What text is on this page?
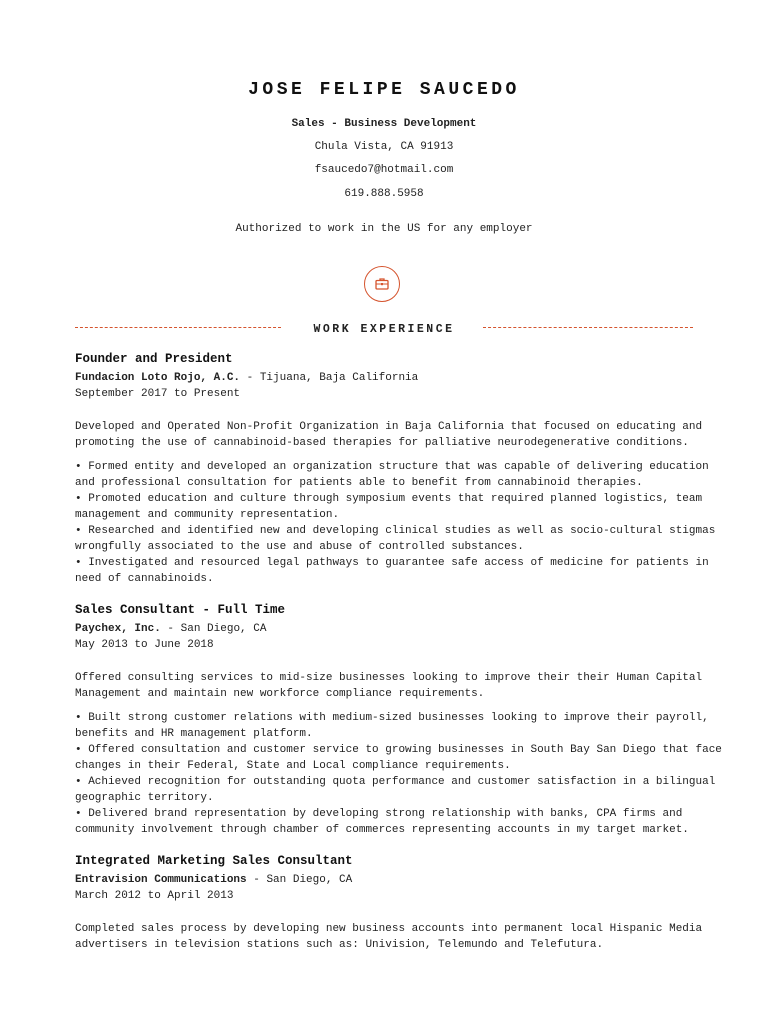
JOSE FELIPE SAUCEDO
Sales - Business Development
Chula Vista, CA 91913
fsaucedo7@hotmail.com
619.888.5958
Authorized to work in the US for any employer
WORK EXPERIENCE

Founder and President

Fundacion Loto Rojo, A.C. - Tijuana, Baja California

September 2017 to Present

Developed and Operated Non-Profit Organization in Baja California that focused on educating and promoting the use of cannabinoid-based therapies for palliative neurodegenerative conditions.

• Formed entity and developed an organization structure that was capable of delivering education and professional consultation for patients able to benefit from cannabinoid therapies.
• Promoted education and culture through symposium events that required planned logistics, team management and community representation.
• Researched and identified new and developing clinical studies as well as socio-cultural stigmas wrongfully associated to the use and abuse of controlled substances.
• Investigated and resourced legal pathways to guarantee safe access of medicine for patients in need of cannabinoids.

Sales Consultant - Full Time

Paychex, Inc. - San Diego, CA

May 2013 to June 2018

Offered consulting services to mid-size businesses looking to improve their their Human Capital Management and maintain new workforce compliance requirements.

• Built strong customer relations with medium-sized businesses looking to improve their payroll, benefits and HR management platform.
• Offered consultation and customer service to growing businesses in South Bay San Diego that face changes in their Federal, State and Local compliance requirements.
• Achieved recognition for outstanding quota performance and customer satisfaction in a bilingual geographic territory.
• Delivered brand representation by developing strong relationship with banks, CPA firms and community involvement through chamber of commerces representing accounts in my target market.

Integrated Marketing Sales Consultant

Entravision Communications - San Diego, CA

March 2012 to April 2013

Completed sales process by developing new business accounts into permanent local Hispanic Media advertisers in television stations such as: Univision, Telemundo and Telefutura.
